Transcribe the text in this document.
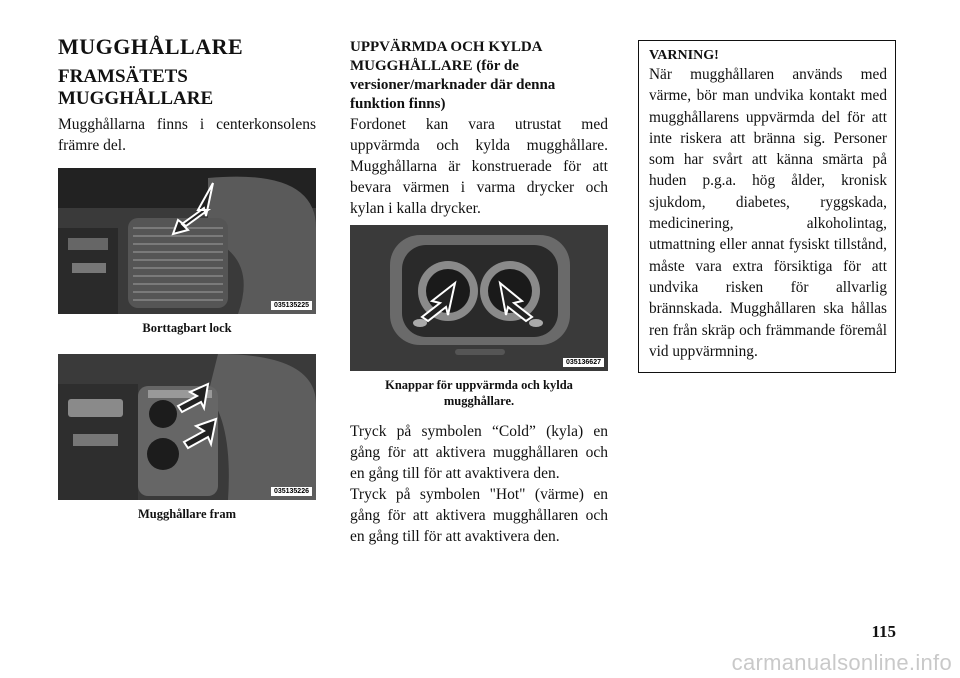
MUGGHÅLLARE
FRAMSÄTETS MUGGHÅLLARE

Mugghållarna finns i centerkonsolens främre del.

035135225
Borttagbart lock
035135226
Mugghållare fram
UPPVÄRMDA OCH KYLDA MUGGHÅLLARE (för de versioner/marknader där denna funktion finns)

Fordonet kan vara utrustat med uppvärmda och kylda mugghållare. Mugghållarna är konstruerade för att bevara värmen i varma drycker och kylan i kalla drycker.

035136627
Knappar för uppvärmda och kylda mugghållare.

Tryck på symbolen “Cold” (kyla) en gång för att aktivera mugghållaren och en gång till för att avaktivera den.

Tryck på symbolen "Hot" (värme) en gång för att aktivera mugghållaren och en gång till för att avaktivera den.

VARNING!
När mugghållaren används med värme, bör man undvika kontakt med mugghållarens uppvärmda del för att inte riskera att bränna sig. Personer som har svårt att känna smärta på huden p.g.a. hög ålder, kronisk sjukdom, diabetes, ryggskada, medicinering, alkoholintag, utmattning eller annat fysiskt tillstånd, måste vara extra försiktiga för att undvika risken för allvarlig brännskada. Mugghållaren ska hållas ren från skräp och främmande föremål vid uppvärmning.
115
carmanualsonline.info
